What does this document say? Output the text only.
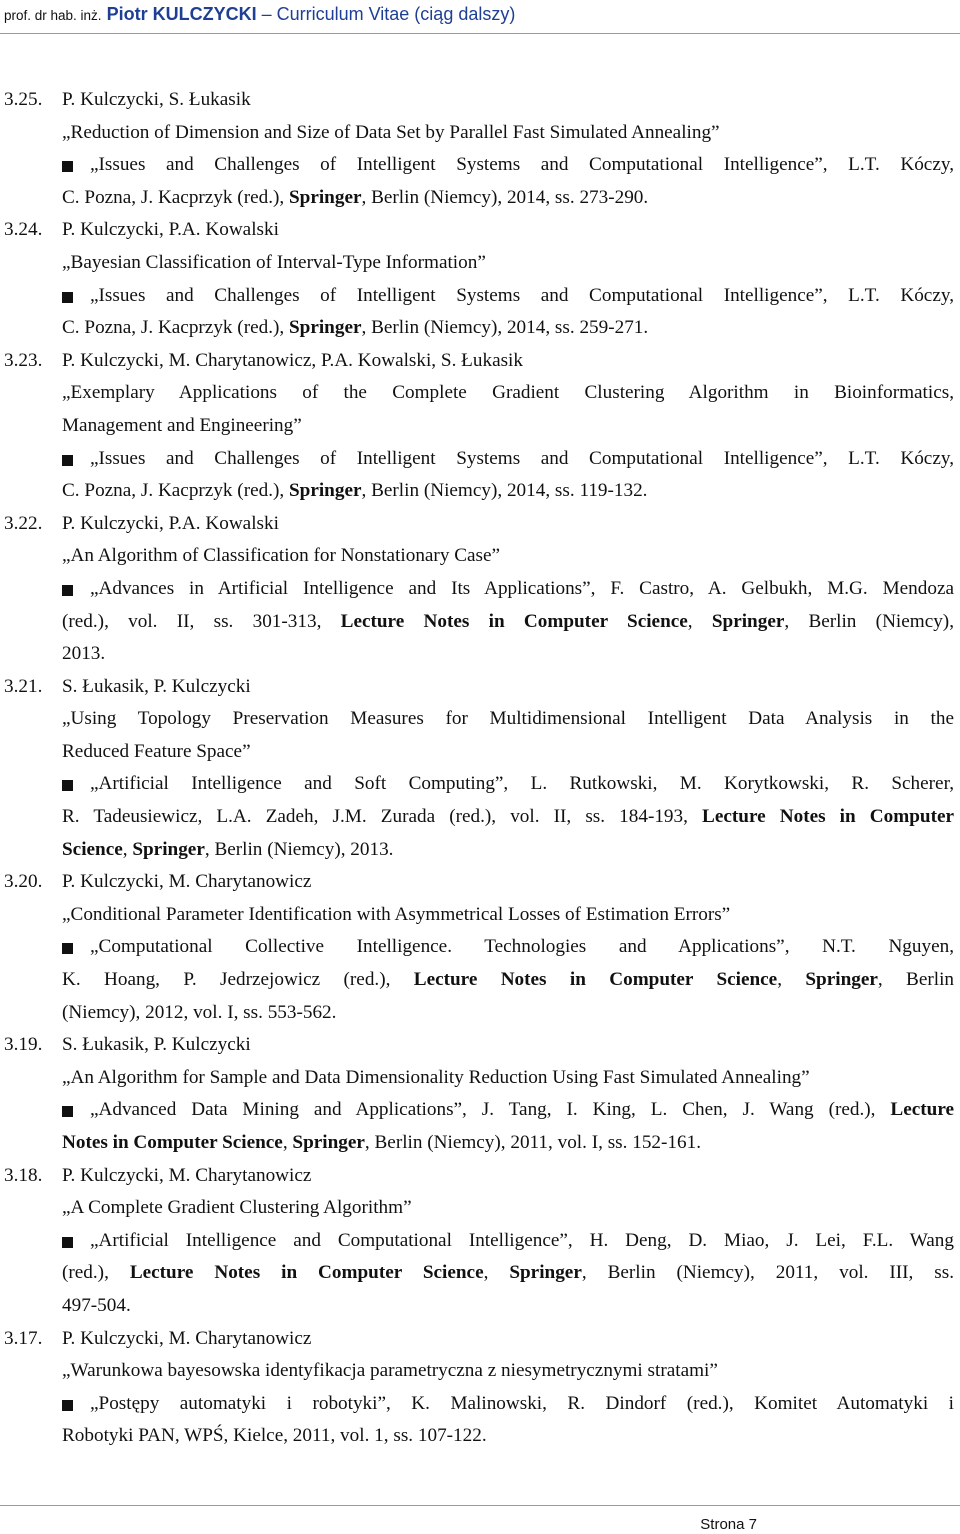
prof. dr hab. inż. Piotr KULCZYCKI – Curriculum Vitae (ciąg dalszy)
3.25. P. Kulczycki, S. Łukasik
„Reduction of Dimension and Size of Data Set by Parallel Fast Simulated Annealing”
„Issues and Challenges of Intelligent Systems and Computational Intelligence”, L.T. Kóczy,
C. Pozna, J. Kacprzyk (red.), Springer, Berlin (Niemcy), 2014, ss. 273-290.
3.24. P. Kulczycki, P.A. Kowalski
„Bayesian Classification of Interval-Type Information”
„Issues and Challenges of Intelligent Systems and Computational Intelligence”, L.T. Kóczy,
C. Pozna, J. Kacprzyk (red.), Springer, Berlin (Niemcy), 2014, ss. 259-271.
3.23. P. Kulczycki, M. Charytanowicz, P.A. Kowalski, S. Łukasik
„Exemplary Applications of the Complete Gradient Clustering Algorithm in Bioinformatics,
Management and Engineering”
„Issues and Challenges of Intelligent Systems and Computational Intelligence”, L.T. Kóczy,
C. Pozna, J. Kacprzyk (red.), Springer, Berlin (Niemcy), 2014, ss. 119-132.
3.22. P. Kulczycki, P.A. Kowalski
„An Algorithm of Classification for Nonstationary Case”
„Advances in Artificial Intelligence and Its Applications”, F. Castro, A. Gelbukh, M.G. Mendoza
(red.), vol. II, ss. 301-313, Lecture Notes in Computer Science, Springer, Berlin (Niemcy),
2013.
3.21. S. Łukasik, P. Kulczycki
„Using Topology Preservation Measures for Multidimensional Intelligent Data Analysis in the
Reduced Feature Space”
„Artificial Intelligence and Soft Computing”, L. Rutkowski, M. Korytkowski, R. Scherer,
R. Tadeusiewicz, L.A. Zadeh, J.M. Zurada (red.), vol. II, ss. 184-193, Lecture Notes in Computer
Science, Springer, Berlin (Niemcy), 2013.
3.20. P. Kulczycki, M. Charytanowicz
„Conditional Parameter Identification with Asymmetrical Losses of Estimation Errors”
„Computational Collective Intelligence. Technologies and Applications”, N.T. Nguyen,
K. Hoang, P. Jedrzejowicz (red.), Lecture Notes in Computer Science, Springer, Berlin
(Niemcy), 2012, vol. I, ss. 553-562.
3.19. S. Łukasik, P. Kulczycki
„An Algorithm for Sample and Data Dimensionality Reduction Using Fast Simulated Annealing”
„Advanced Data Mining and Applications”, J. Tang, I. King, L. Chen, J. Wang (red.), Lecture
Notes in Computer Science, Springer, Berlin (Niemcy), 2011, vol. I, ss. 152-161.
3.18. P. Kulczycki, M. Charytanowicz
„A Complete Gradient Clustering Algorithm”
„Artificial Intelligence and Computational Intelligence”, H. Deng, D. Miao, J. Lei, F.L. Wang
(red.), Lecture Notes in Computer Science, Springer, Berlin (Niemcy), 2011, vol. III, ss.
497-504.
3.17. P. Kulczycki, M. Charytanowicz
„Warunkowa bayesowska identyfikacja parametryczna z niesymetrycznymi stratami”
„Postępy automatyki i robotyki”, K. Malinowski, R. Dindorf (red.), Komitet Automatyki i
Robotyki PAN, WPŚ, Kielce, 2011, vol. 1, ss. 107-122.
Strona 7
